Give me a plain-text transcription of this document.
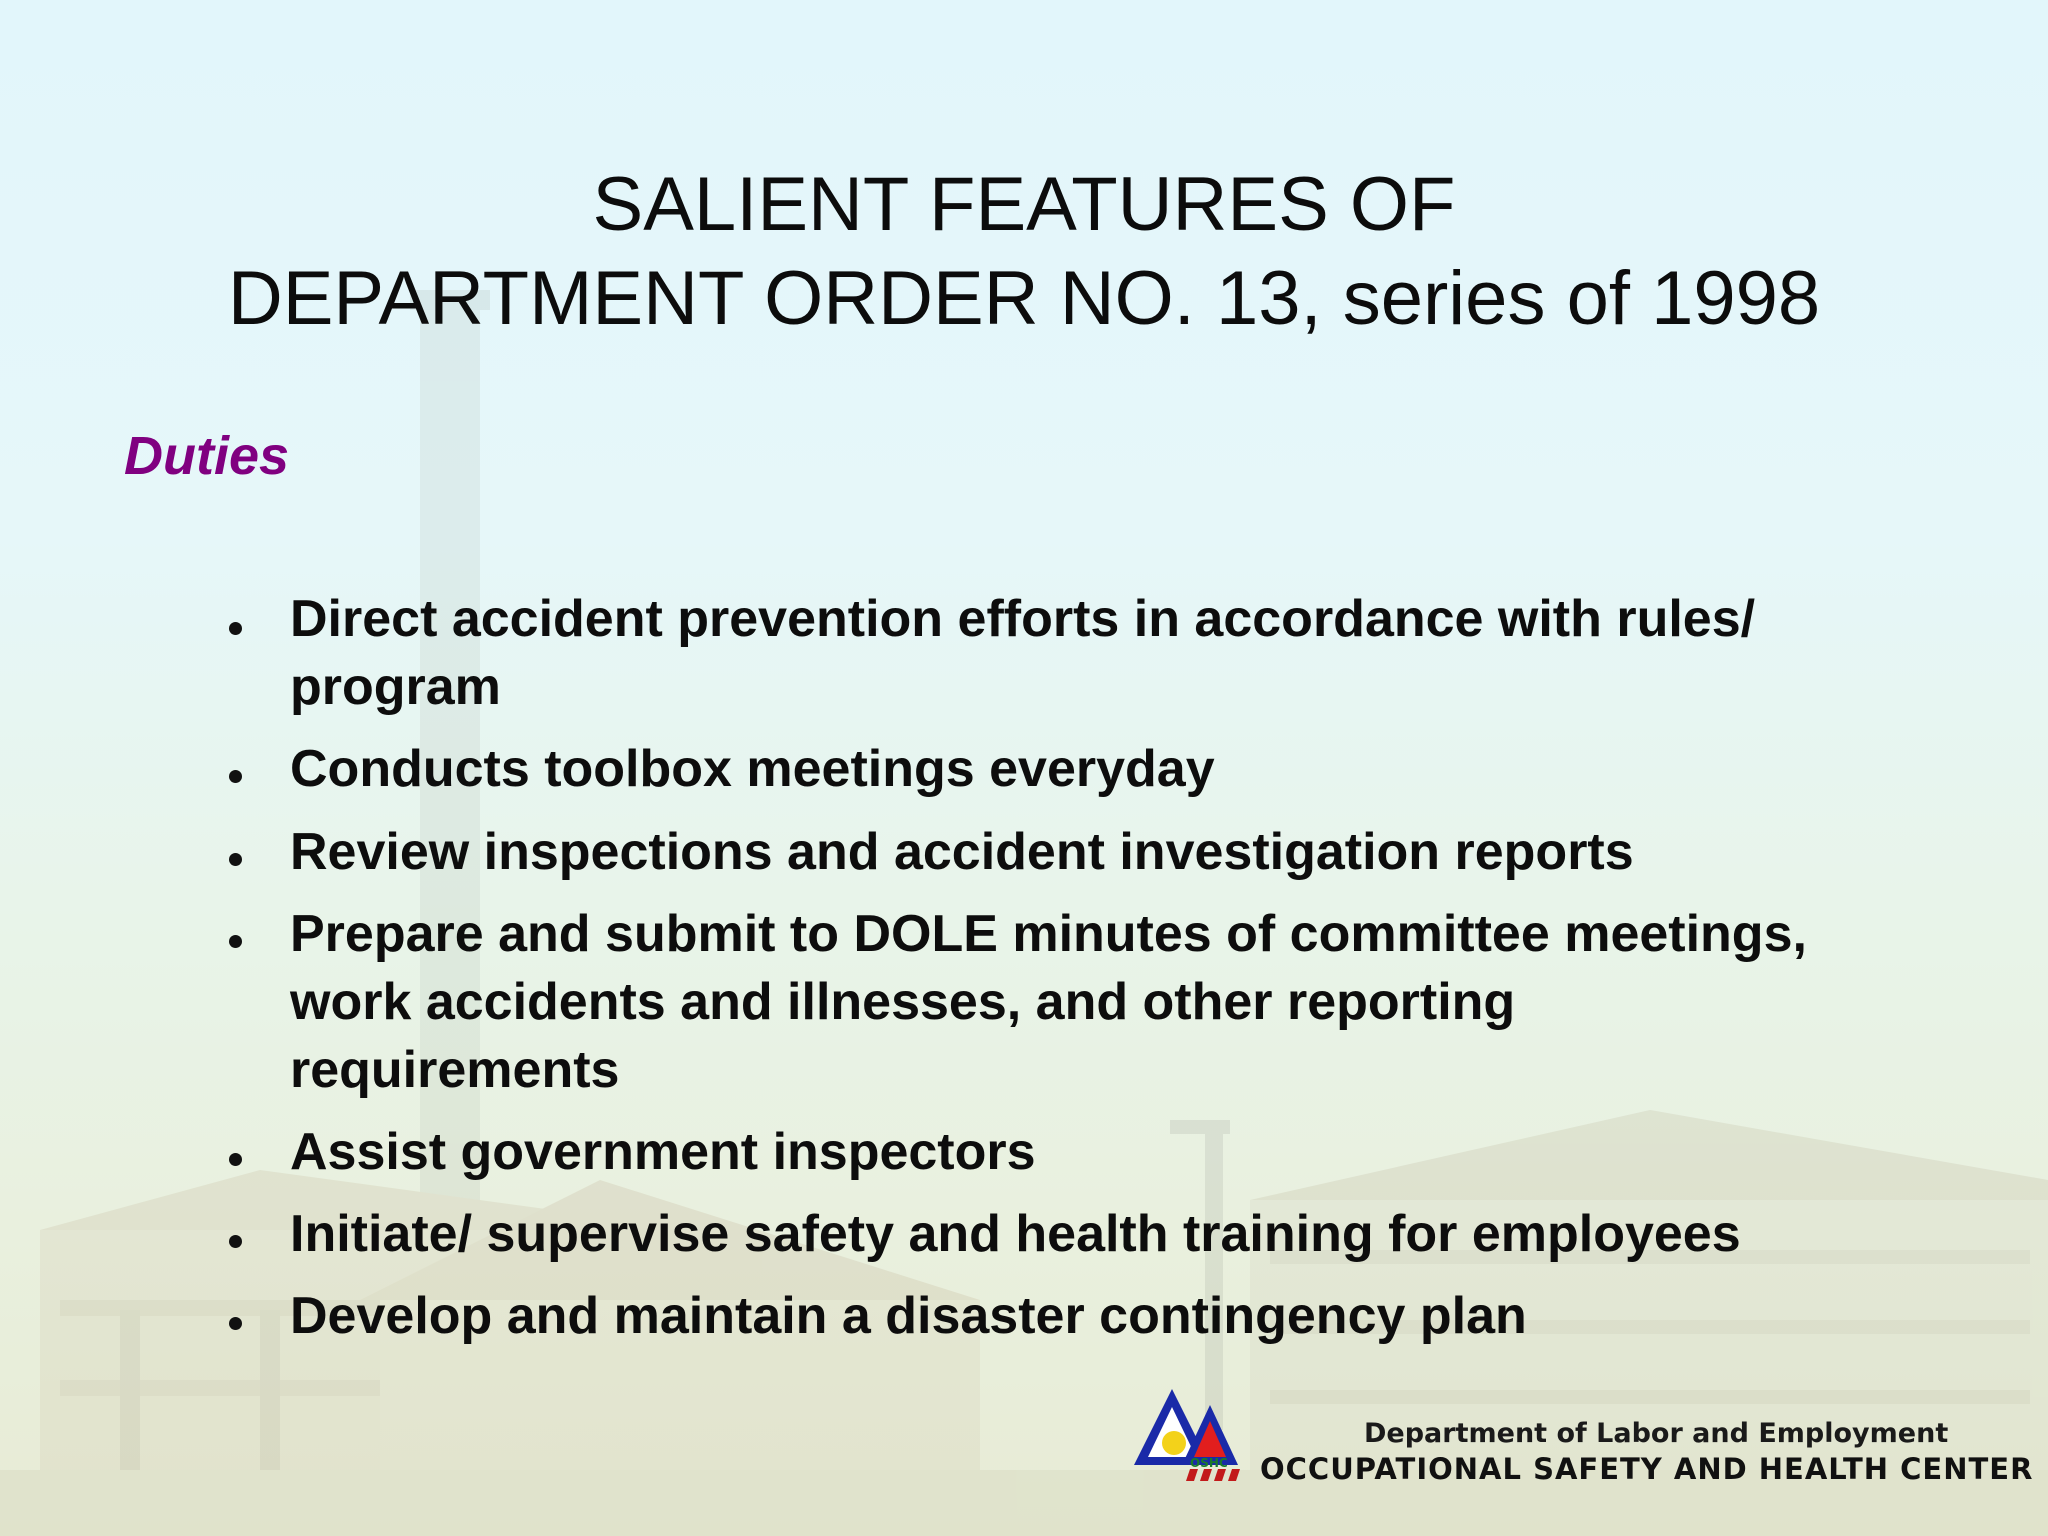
SALIENT FEATURES OF
DEPARTMENT ORDER NO. 13, series of 1998
Duties
Direct accident prevention efforts in accordance with rules/
program
Conducts toolbox meetings everyday
Review inspections and accident investigation reports
Prepare and submit to DOLE minutes of committee meetings,
work accidents and illnesses, and other reporting
requirements
Assist government inspectors
Initiate/ supervise safety and health training for employees
Develop and maintain a disaster contingency plan
OSHC
Department of Labor and Employment
OCCUPATIONAL SAFETY AND HEALTH CENTER
